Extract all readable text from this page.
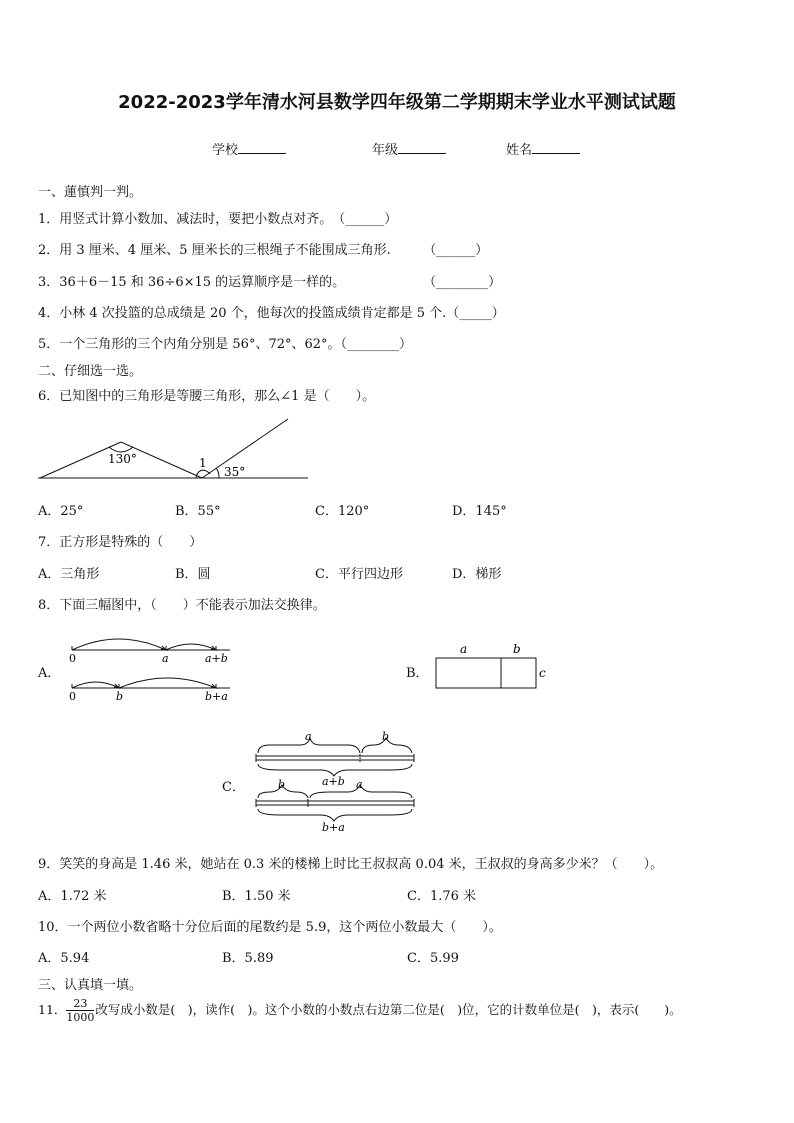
2022-2023学年清水河县数学四年级第二学期期末学业水平测试试题
学校	年级	姓名
一、蓮慎判一判。
1．用竖式计算小数加、减法时，要把小数点对齐。　（______）
2．用 3 厘米、4 厘米、5 厘米长的三根绳子不能围成三角形.　　　（______）
3．36＋6－15 和 36÷6×15 的运算顺序是一样的。　　　　　　　（________）
4．小林 4 次投篮的总成绩是 20 个，他每次的投篮成绩肯定都是 5 个.（_____）
5．一个三角形的三个内角分别是 56°、72°、62°。（________）
二、仔细选一选。
6．已知图中的三角形是等腰三角形，那么∠1 是（　　）。
130°	1
35°
A．25°	B．55°	C．120°	D．145°
7．正方形是特殊的（　　）
A．三角形	B．圆	C．平行四边形	D．梯形
8．下面三幅图中，（　　）不能表示加法交换律。
A．
0	a	a+b
0	b	b+a
B．
a	b
c
C．
a	b
a+b
b	a
b+a
9．笑笑的身高是 1.46 米，她站在 0.3 米的楼梯上时比王叔叔高 0.04 米，王叔叔的身高多少米？（　　）。
A．1.72 米	B．1.50 米	C．1.76 米
10．一个两位小数省略十分位后面的尾数约是 5.9，这个两位小数最大（　　）。
A．5.94	B．5.89	C．5.99
三、认真填一填。
11． $\frac{23}{1000}$ 改写成小数是(　)，读作(　)。这个小数的小数点右边第二位是(　)位，它的计数单位是(　)，表示(　　)。
